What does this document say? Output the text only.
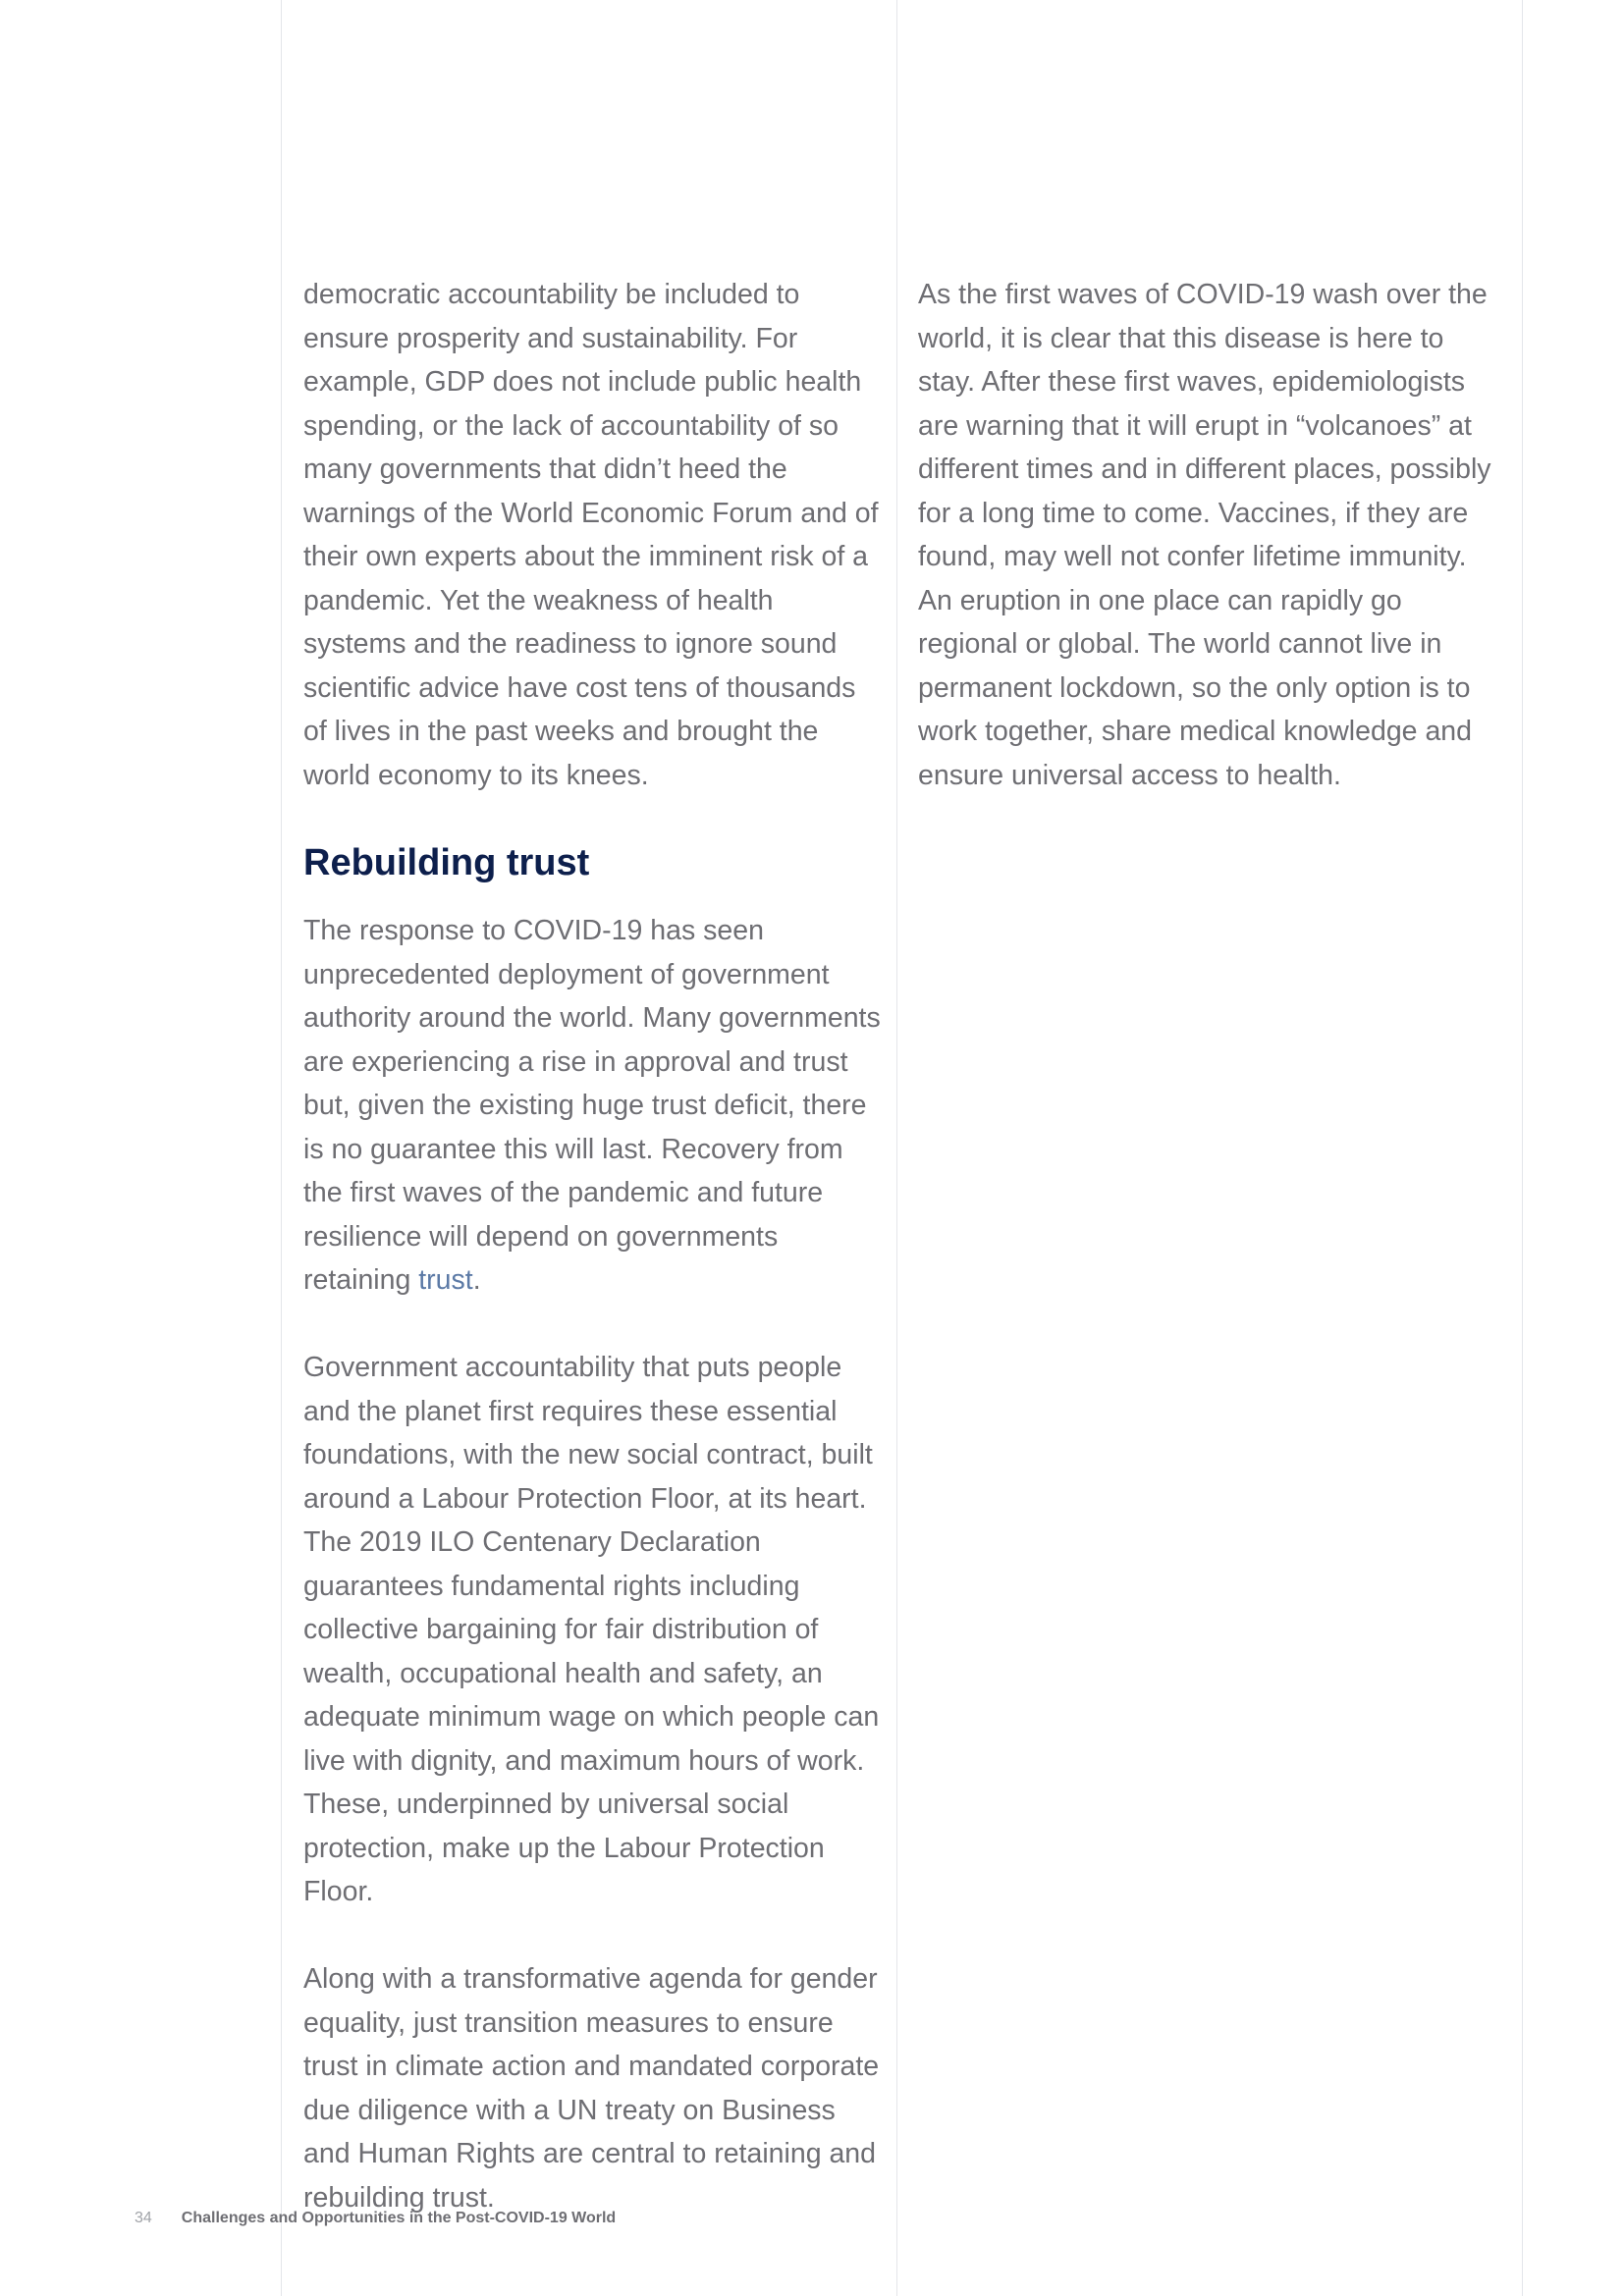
democratic accountability be included to ensure prosperity and sustainability. For example, GDP does not include public health spending, or the lack of accountability of so many governments that didn’t heed the warnings of the World Economic Forum and of their own experts about the imminent risk of a pandemic. Yet the weakness of health systems and the readiness to ignore sound scientific advice have cost tens of thousands of lives in the past weeks and brought the world economy to its knees.

Rebuilding trust

The response to COVID-19 has seen unprecedented deployment of government authority around the world. Many governments are experiencing a rise in approval and trust but, given the existing huge trust deficit, there is no guarantee this will last. Recovery from the first waves of the pandemic and future resilience will depend on governments retaining trust.

Government accountability that puts people and the planet first requires these essential foundations, with the new social contract, built around a Labour Protection Floor, at its heart. The 2019 ILO Centenary Declaration guarantees fundamental rights including collective bargaining for fair distribution of wealth, occupational health and safety, an adequate minimum wage on which people can live with dignity, and maximum hours of work. These, underpinned by universal social protection, make up the Labour Protection Floor.

Along with a transformative agenda for gender equality, just transition measures to ensure trust in climate action and mandated corporate due diligence with a UN treaty on Business and Human Rights are central to retaining and rebuilding trust.

As the first waves of COVID-19 wash over the world, it is clear that this disease is here to stay. After these first waves, epidemiologists are warning that it will erupt in “volcanoes” at different times and in different places, possibly for a long time to come. Vaccines, if they are found, may well not confer lifetime immunity. An eruption in one place can rapidly go regional or global. The world cannot live in permanent lockdown, so the only option is to work together, share medical knowledge and ensure universal access to health.

34 Challenges and Opportunities in the Post-COVID-19 World
